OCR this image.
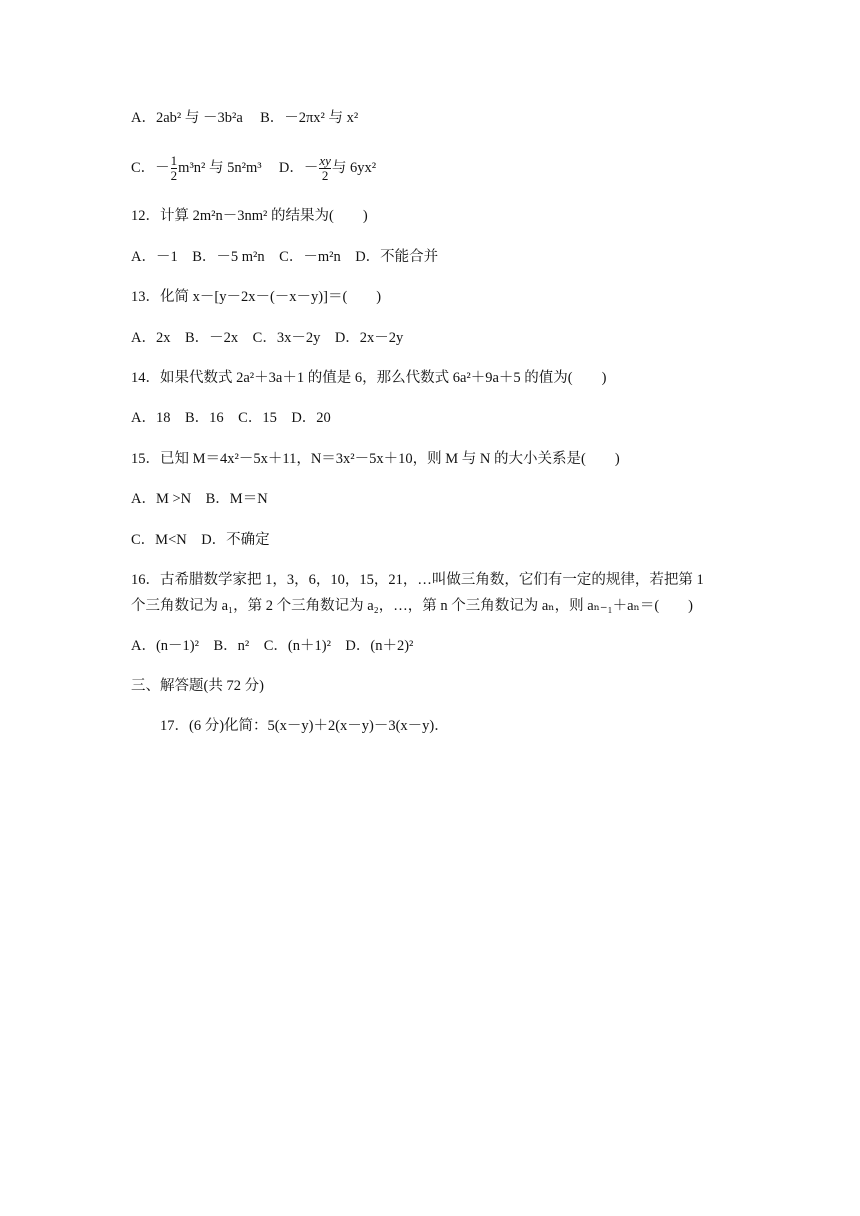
A．2ab² 与 －3b²a B．－2πx² 与 x²
C．－ $\frac{1}{2} m^3n^2$ 与 5n²m³ D．－ $\frac{xy}{2}$ 与 6yx²
12．计算 2m²n－3nm² 的结果为(　　)
A．－1　B．－5 m²n　C．－m²n　D．不能合并
13．化简 x－[y－2x－(－x－y)]＝(　　)
A．2x　B．－2x　C．3x－2y　D．2x－2y
14．如果代数式 2a²＋3a＋1 的值是 6，那么代数式 6a²＋9a＋5 的值为(　　)
A．18　B．16　C．15　D．20
15．已知 M＝4x²－5x＋11，N＝3x²－5x＋10，则 M 与 N 的大小关系是(　　)
A．M >N　B．M＝N
C．M<N　D．不确定
16．古希腊数学家把 1，3，6，10，15，21，…叫做三角数，它们有一定的规律，若把第 1
个三角数记为 a₁，第 2 个三角数记为 a₂，…，第 n 个三角数记为 aₙ，则 aₙ₋₁＋aₙ＝(　　)
A．(n－1)²　B．n²　C．(n＋1)²　D．(n＋2)²
三、解答题(共 72 分)
17．(6 分)化简：5(x－y)＋2(x－y)－3(x－y)．
